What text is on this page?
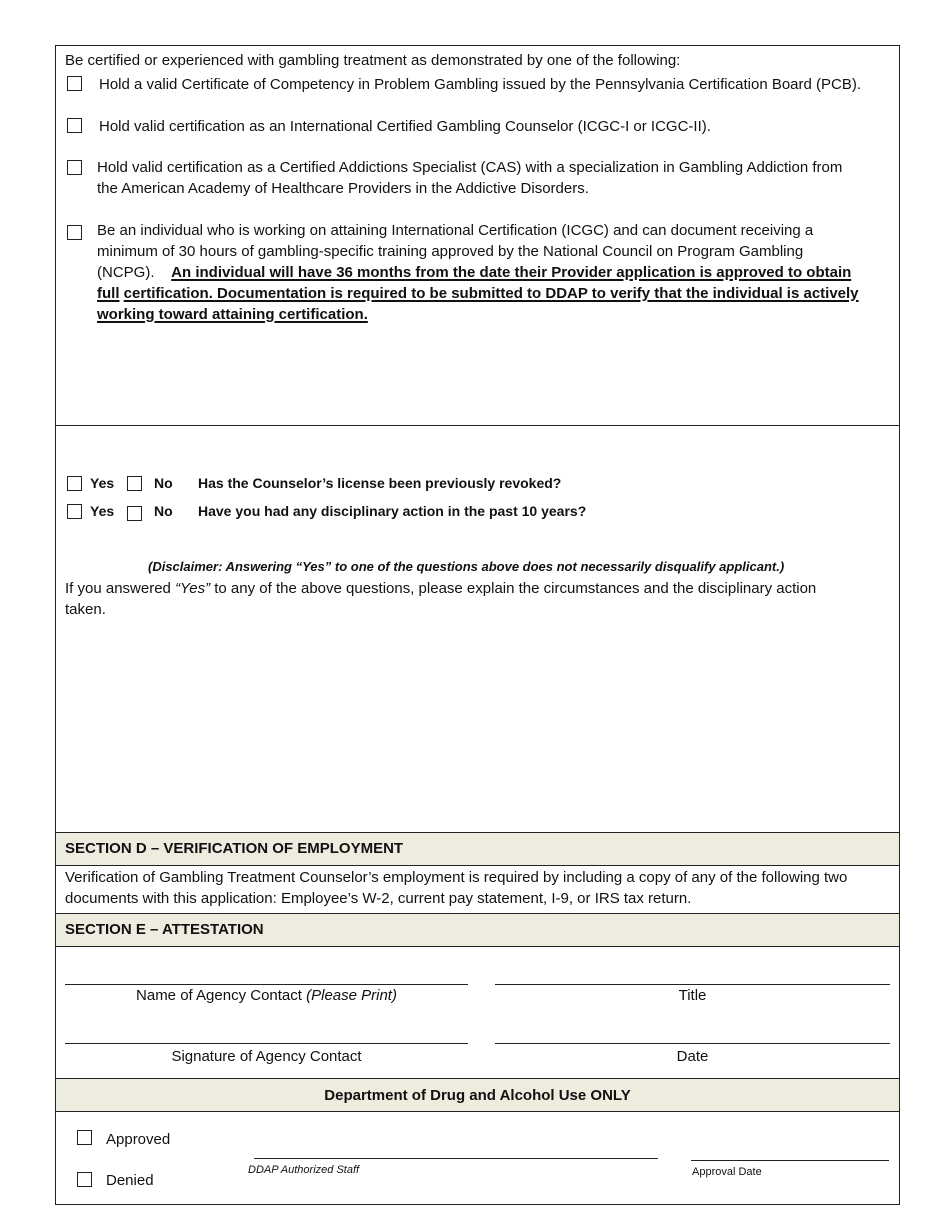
Be certified or experienced with gambling treatment as demonstrated by one of the following:
Hold a valid Certificate of Competency in Problem Gambling issued by the Pennsylvania Certification Board (PCB).
Hold valid certification as an International Certified Gambling Counselor (ICGC-I or ICGC-II).
Hold valid certification as a Certified Addictions Specialist (CAS) with a specialization in Gambling Addiction from
the American Academy of Healthcare Providers in the Addictive Disorders.
Be an individual who is working on attaining International Certification (ICGC) and can document receiving a
minimum of 30 hours of gambling-specific training approved by the National Council on Program Gambling
(NCPG). An individual will have 36 months from the date their Provider application is approved to obtain
full certification. Documentation is required to be submitted to DDAP to verify that the individual is actively
working toward attaining certification.
Yes	No Has the Counselor’s license been previously revoked?
Yes	No Have you had any disciplinary action in the past 10 years?
(Disclaimer: Answering “Yes” to one of the questions above does not necessarily disqualify applicant.)
If you answered “Yes” to any of the above questions, please explain the circumstances and the disciplinary action
taken.
SECTION D – VERIFICATION OF EMPLOYMENT
Verification of Gambling Treatment Counselor’s employment is required by including a copy of any of the following two
documents with this application: Employee’s W-2, current pay statement, I-9, or IRS tax return.
SECTION E – ATTESTATION
Name of Agency Contact (Please Print)	Title
Signature of Agency Contact	Date
Department of Drug and Alcohol Use ONLY
Approved
Denied
DDAP Authorized Staff	Approval Date
